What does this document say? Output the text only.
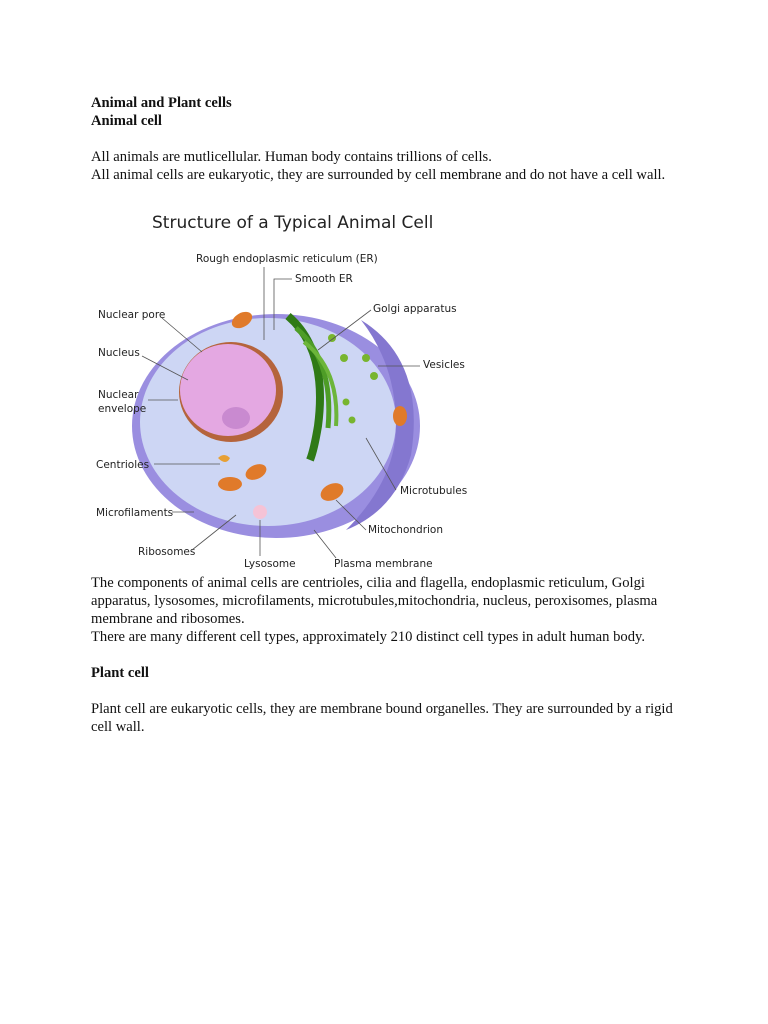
Animal and Plant cells

Animal cell

All animals are mutlicellular. Human body contains trillions of cells.

All animal cells are eukaryotic, they are surrounded by cell membrane and do not have a cell wall.

Structure of a Typical Animal Cell
Rough endoplasmic reticulum (ER)
Smooth ER
Golgi apparatus
Nuclear pore
Nucleus
Vesicles
Nuclear
envelope
Centrioles
Microtubules
Microfilaments
Mitochondrion
Ribosomes
Lysosome	Plasma membrane

The components of animal cells are centrioles, cilia and flagella, endoplasmic reticulum, Golgi apparatus, lysosomes, microfilaments, microtubules,mitochondria, nucleus, peroxisomes, plasma membrane and ribosomes.

There are many different cell types, approximately 210 distinct cell types in adult human body.

Plant cell

Plant cell are eukaryotic cells, they are membrane bound organelles. They are surrounded by a rigid cell wall.
